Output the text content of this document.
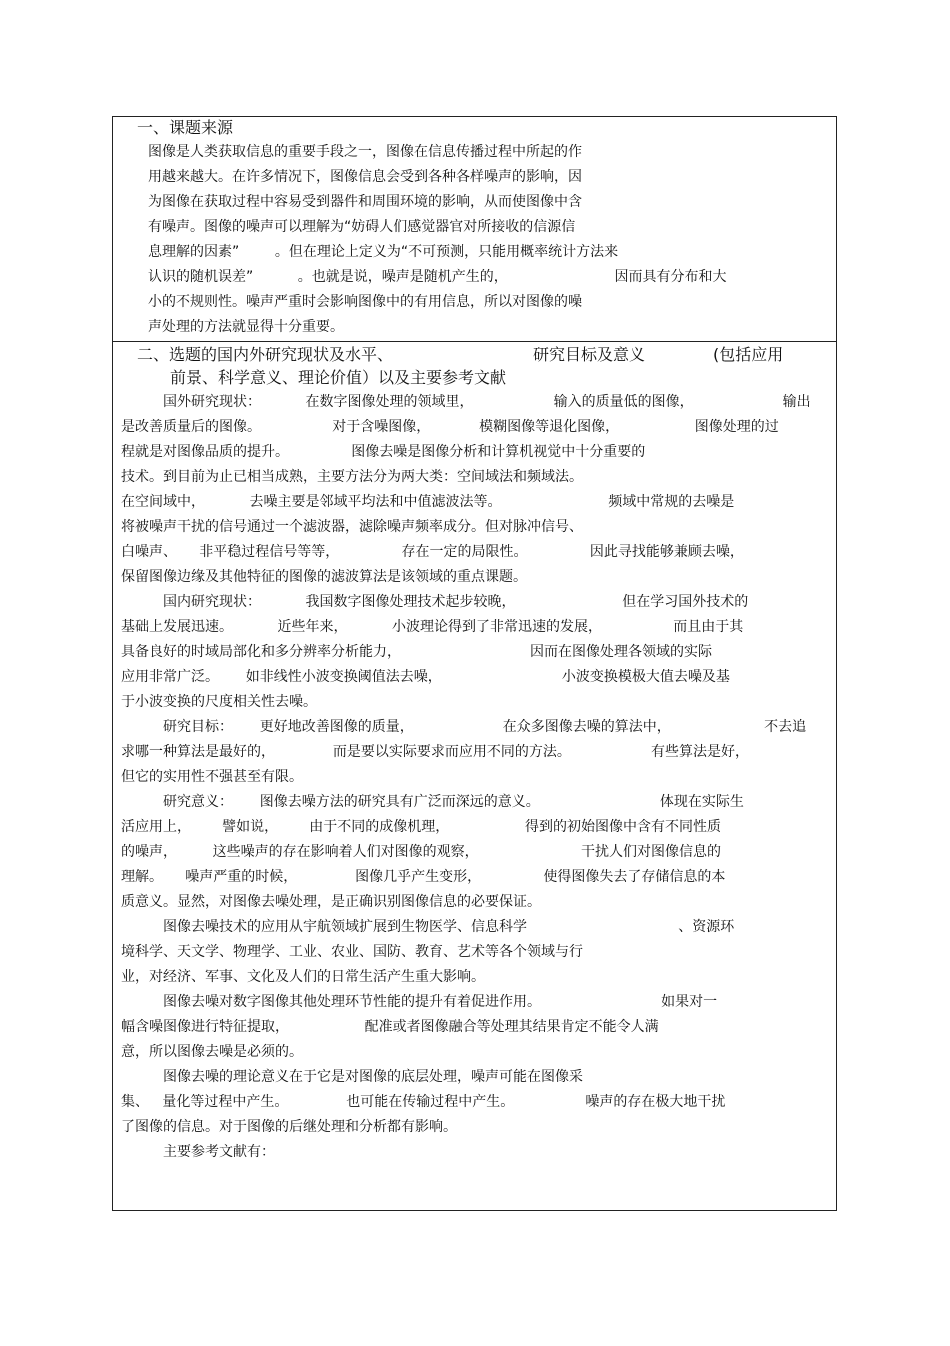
一、课题来源
图像是人类获取信息的重要手段之一，图像在信息传播过程中所起的作
用越来越大。在许多情况下，图像信息会受到各种各样噪声的影响，因
为图像在获取过程中容易受到器件和周围环境的影响，从而使图像中含
有噪声。图像的噪声可以理解为“妨碍人们感觉器官对所接收的信源信
息理解的因素”        。但在理论上定义为“不可预测，只能用概率统计方法来
认识的随机误差”          。也就是说，噪声是随机产生的，                        因而具有分布和大
小的不规则性。噪声严重时会影响图像中的有用信息，所以对图像的噪
声处理的方法就显得十分重要。
二、选题的国内外研究现状及水平、	研究目标及意义	(包括应用
前景、科学意义、理论价值）以及主要参考文献
国外研究现状：          在数字图像处理的领域里，                  输入的质量低的图像，                    输出
是改善质量后的图像。                对于含噪图像，           模糊图像等退化图像，                 图像处理的过
程就是对图像品质的提升。              图像去噪是图像分析和计算机视觉中十分重要的
技术。到目前为止已相当成熟，主要方法分为两大类：空间域法和频域法。
在空间域中，          去噪主要是邻域平均法和中值滤波法等。                        频域中常规的去噪是
将被噪声干扰的信号通过一个滤波器，滤除噪声频率成分。但对脉冲信号、
白噪声、     非平稳过程信号等等，              存在一定的局限性。              因此寻找能够兼顾去噪，
保留图像边缘及其他特征的图像的滤波算法是该领域的重点课题。
国内研究现状：          我国数字图像处理技术起步较晚，                        但在学习国外技术的
基础上发展迅速。          近些年来，          小波理论得到了非常迅速的发展，                而且由于其
具备良好的时域局部化和多分辨率分析能力，                             因而在图像处理各领域的实际
应用非常广泛。      如非线性小波变换阈值法去噪，                           小波变换模极大值去噪及基
于小波变换的尺度相关性去噪。
研究目标：      更好地改善图像的质量，                    在众多图像去噪的算法中，                     不去追
求哪一种算法是最好的，             而是要以实际要求而应用不同的方法。                  有些算法是好，
但它的实用性不强甚至有限。
研究意义：      图像去噪方法的研究具有广泛而深远的意义。                           体现在实际生
活应用上，       譬如说，       由于不同的成像机理，                 得到的初始图像中含有不同性质
的噪声，        这些噪声的存在影响着人们对图像的观察，                       干扰人们对图像信息的
理解。     噪声严重的时候，             图像几乎产生变形，              使得图像失去了存储信息的本
质意义。显然，对图像去噪处理，是正确识别图像信息的必要保证。
图像去噪技术的应用从宇航领域扩展到生物医学、信息科学                                  、资源环
境科学、天文学、物理学、工业、农业、国防、教育、艺术等各个领域与行
业，对经济、军事、文化及人们的日常生活产生重大影响。
图像去噪对数字图像其他处理环节性能的提升有着促进作用。                           如果对一
幅含噪图像进行特征提取，                 配准或者图像融合等处理其结果肯定不能令人满
意，所以图像去噪是必须的。
图像去噪的理论意义在于它是对图像的底层处理，噪声可能在图像采
集、   量化等过程中产生。             也可能在传输过程中产生。                噪声的存在极大地干扰
了图像的信息。对于图像的后继处理和分析都有影响。
主要参考文献有：
